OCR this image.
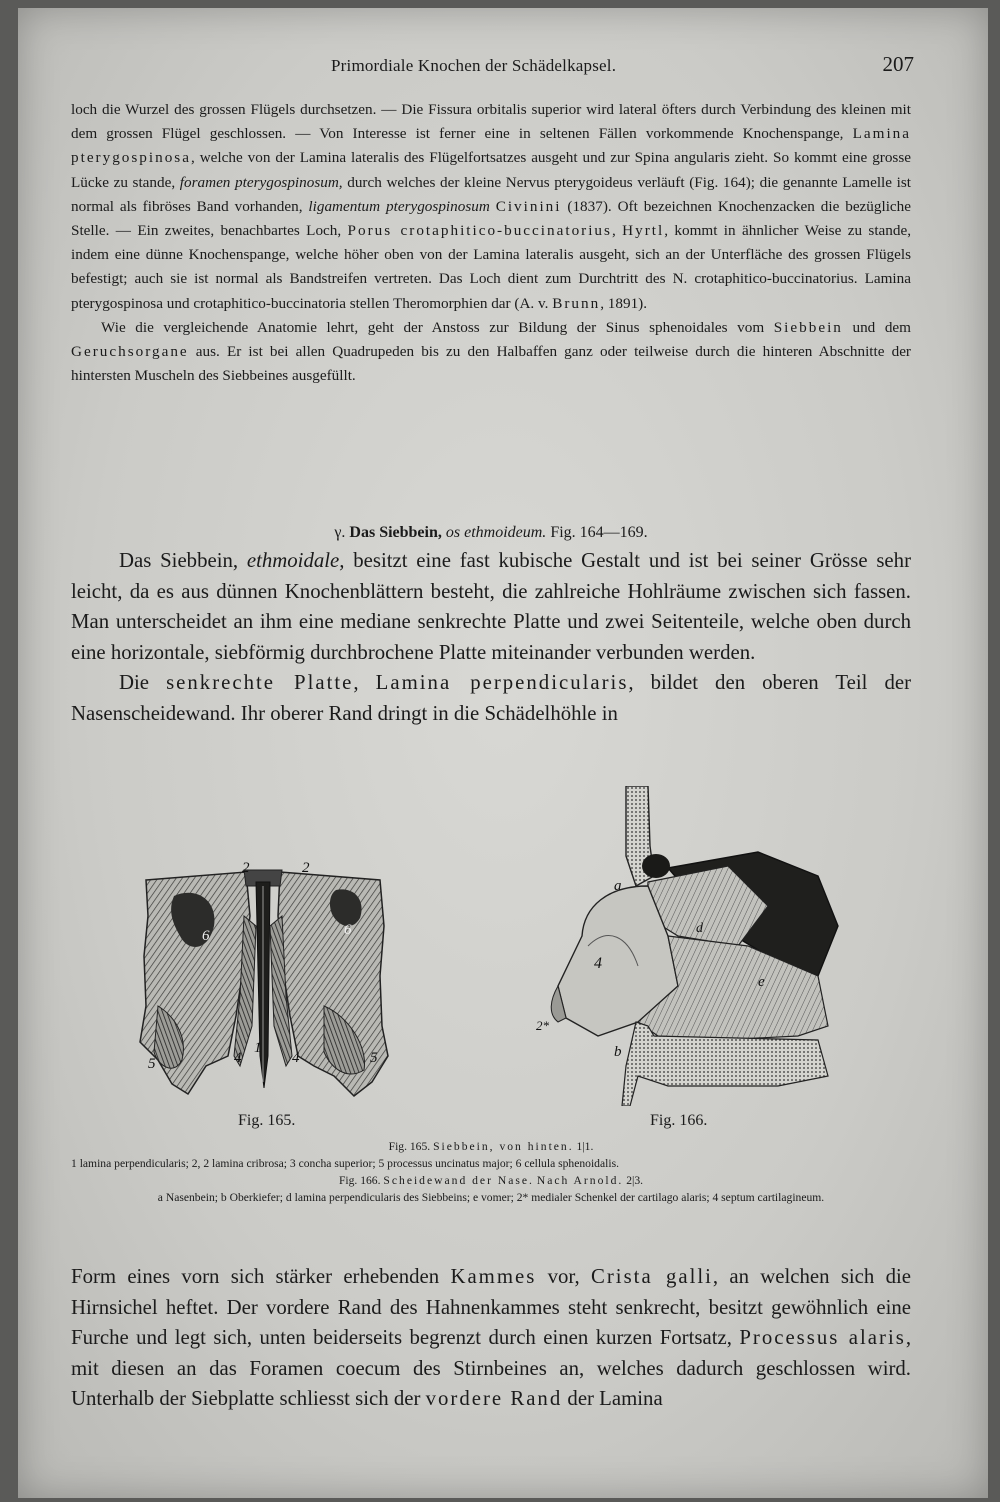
Primordiale Knochen der Schädelkapsel.	207

loch die Wurzel des grossen Flügels durchsetzen. — Die Fissura orbitalis superior wird lateral öfters durch Verbindung des kleinen mit dem grossen Flügel geschlossen. — Von Interesse ist ferner eine in seltenen Fällen vorkommende Knochenspange, Lamina pterygospinosa, welche von der Lamina lateralis des Flügelfortsatzes ausgeht und zur Spina angularis zieht. So kommt eine grosse Lücke zu stande, foramen pterygospinosum, durch welches der kleine Nervus pterygoideus verläuft (Fig. 164); die genannte Lamelle ist normal als fibröses Band vorhanden, ligamentum pterygospinosum Civinini (1837). Oft bezeichnen Knochenzacken die bezügliche Stelle. — Ein zweites, benachbartes Loch, Porus crotaphitico-buccinatorius, Hyrtl, kommt in ähnlicher Weise zu stande, indem eine dünne Knochenspange, welche höher oben von der Lamina lateralis ausgeht, sich an der Unterfläche des grossen Flügels befestigt; auch sie ist normal als Bandstreifen vertreten. Das Loch dient zum Durchtritt des N. crotaphitico-buccinatorius. Lamina pterygospinosa und crotaphitico-buccinatoria stellen Theromorphien dar (A. v. Brunn, 1891).

Wie die vergleichende Anatomie lehrt, geht der Anstoss zur Bildung der Sinus sphenoidales vom Siebbein und dem Geruchsorgane aus. Er ist bei allen Quadrupeden bis zu den Halbaffen ganz oder teilweise durch die hinteren Abschnitte der hintersten Muscheln des Siebbeines ausgefüllt.

γ. Das Siebbein, os ethmoideum. Fig. 164—169.

Das Siebbein, ethmoidale, besitzt eine fast kubische Gestalt und ist bei seiner Grösse sehr leicht, da es aus dünnen Knochenblättern besteht, die zahlreiche Hohlräume zwischen sich fassen. Man unterscheidet an ihm eine mediane senkrechte Platte und zwei Seitenteile, welche oben durch eine horizontale, siebförmig durchbrochene Platte miteinander verbunden werden.

Die senkrechte Platte, Lamina perpendicularis, bildet den oberen Teil der Nasenscheidewand. Ihr oberer Rand dringt in die Schädelhöhle in

2	2
6	6
5	5
4
1
4
a
d
4
e
2*
b
Fig. 165.	Fig. 166.
Fig. 165. Siebbein, von hinten. 1|1.
1 lamina perpendicularis; 2, 2 lamina cribrosa; 3 concha superior; 5 processus uncinatus major; 6 cellula sphenoidalis.
Fig. 166. Scheidewand der Nase. Nach Arnold. 2|3.
a Nasenbein; b Oberkiefer; d lamina perpendicularis des Siebbeins; e vomer; 2* medialer Schenkel der cartilago alaris; 4 septum cartilagineum.

Form eines vorn sich stärker erhebenden Kammes vor, Crista galli, an welchen sich die Hirnsichel heftet. Der vordere Rand des Hahnenkammes steht senkrecht, besitzt gewöhnlich eine Furche und legt sich, unten beiderseits begrenzt durch einen kurzen Fortsatz, Processus alaris, mit diesen an das Foramen coecum des Stirnbeines an, welches dadurch geschlossen wird. Unterhalb der Siebplatte schliesst sich der vordere Rand der Lamina
